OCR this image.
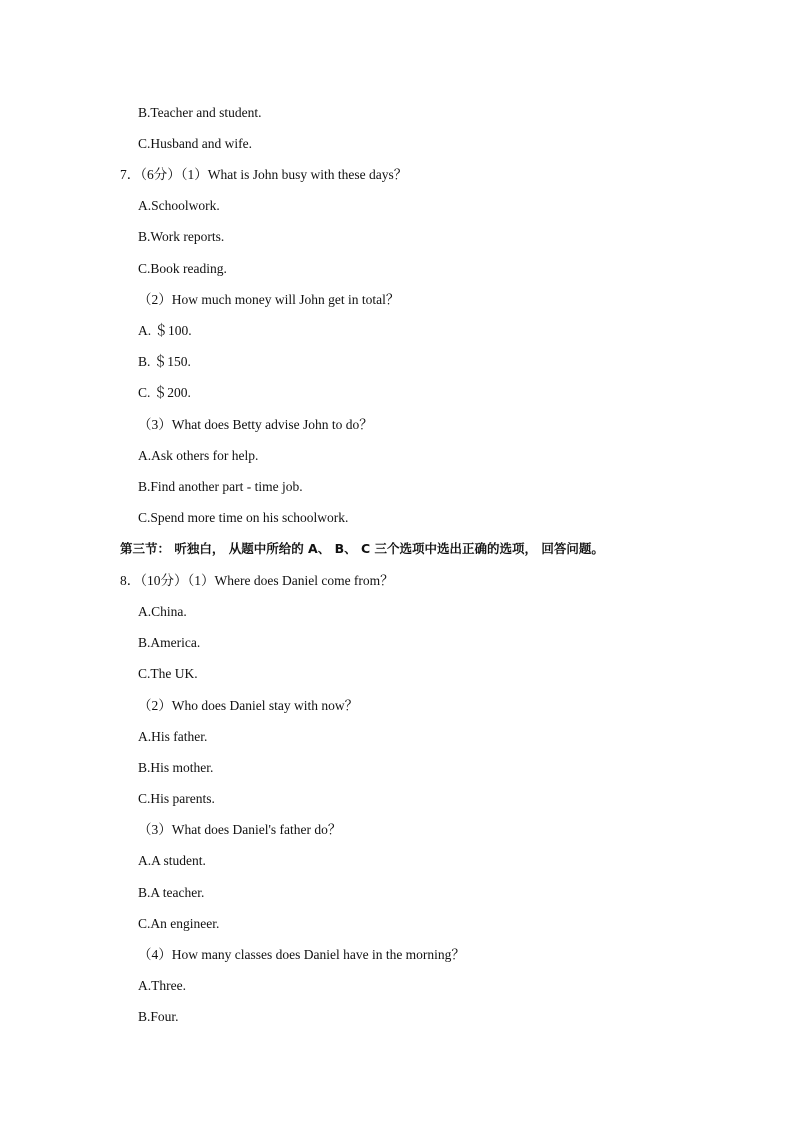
B.Teacher and student.
C.Husband and wife.
7．（6分）（1）What is John busy with these days？
A.Schoolwork.
B.Work reports.
C.Book reading.
（2）How much money will John get in total？
A. ＄100.
B. ＄150.
C. ＄200.
（3）What does Betty advise John to do？
A.Ask others for help.
B.Find another part - time job.
C.Spend more time on his schoolwork.
第三节： 听独白， 从题中所给的 A、 B、 C 三个选项中选出正确的选项， 回答问题。
8．（10分）（1）Where does Daniel come from？
A.China.
B.America.
C.The UK.
（2）Who does Daniel stay with now？
A.His father.
B.His mother.
C.His parents.
（3）What does Daniel's father do？
A.A student.
B.A teacher.
C.An engineer.
（4）How many classes does Daniel have in the morning？
A.Three.
B.Four.
